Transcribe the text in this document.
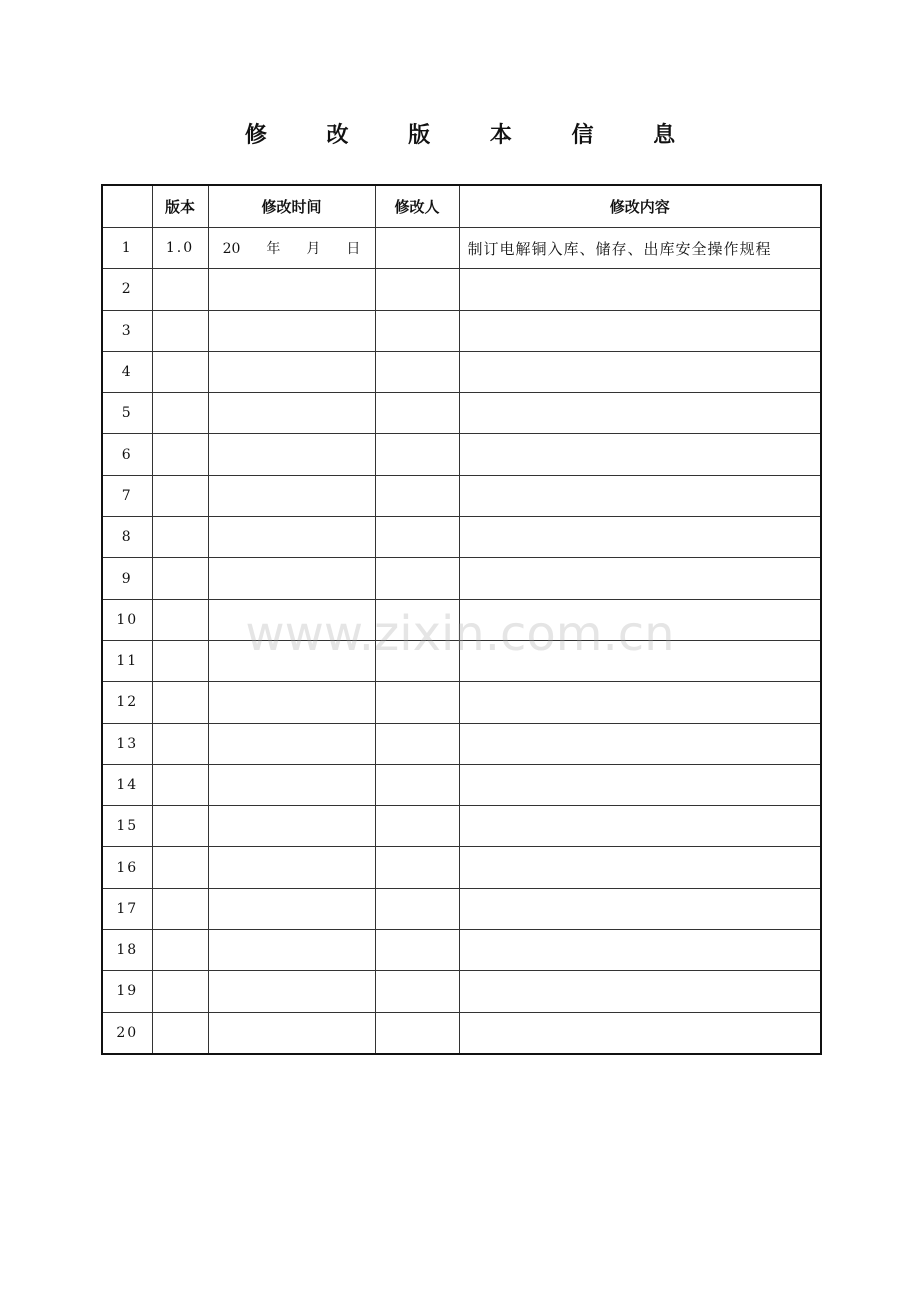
修 改 版 本 信 息
	版本	修改时间	修改人	修改内容
1	1.0	20 年 月 日		制订电解铜入库、储存、出库安全操作规程
2				
3				
4				
5				
6				
7				
8				
9				
10				
11				
12				
13				
14				
15				
16				
17				
18				
19				
20				
www.zixin.com.cn
